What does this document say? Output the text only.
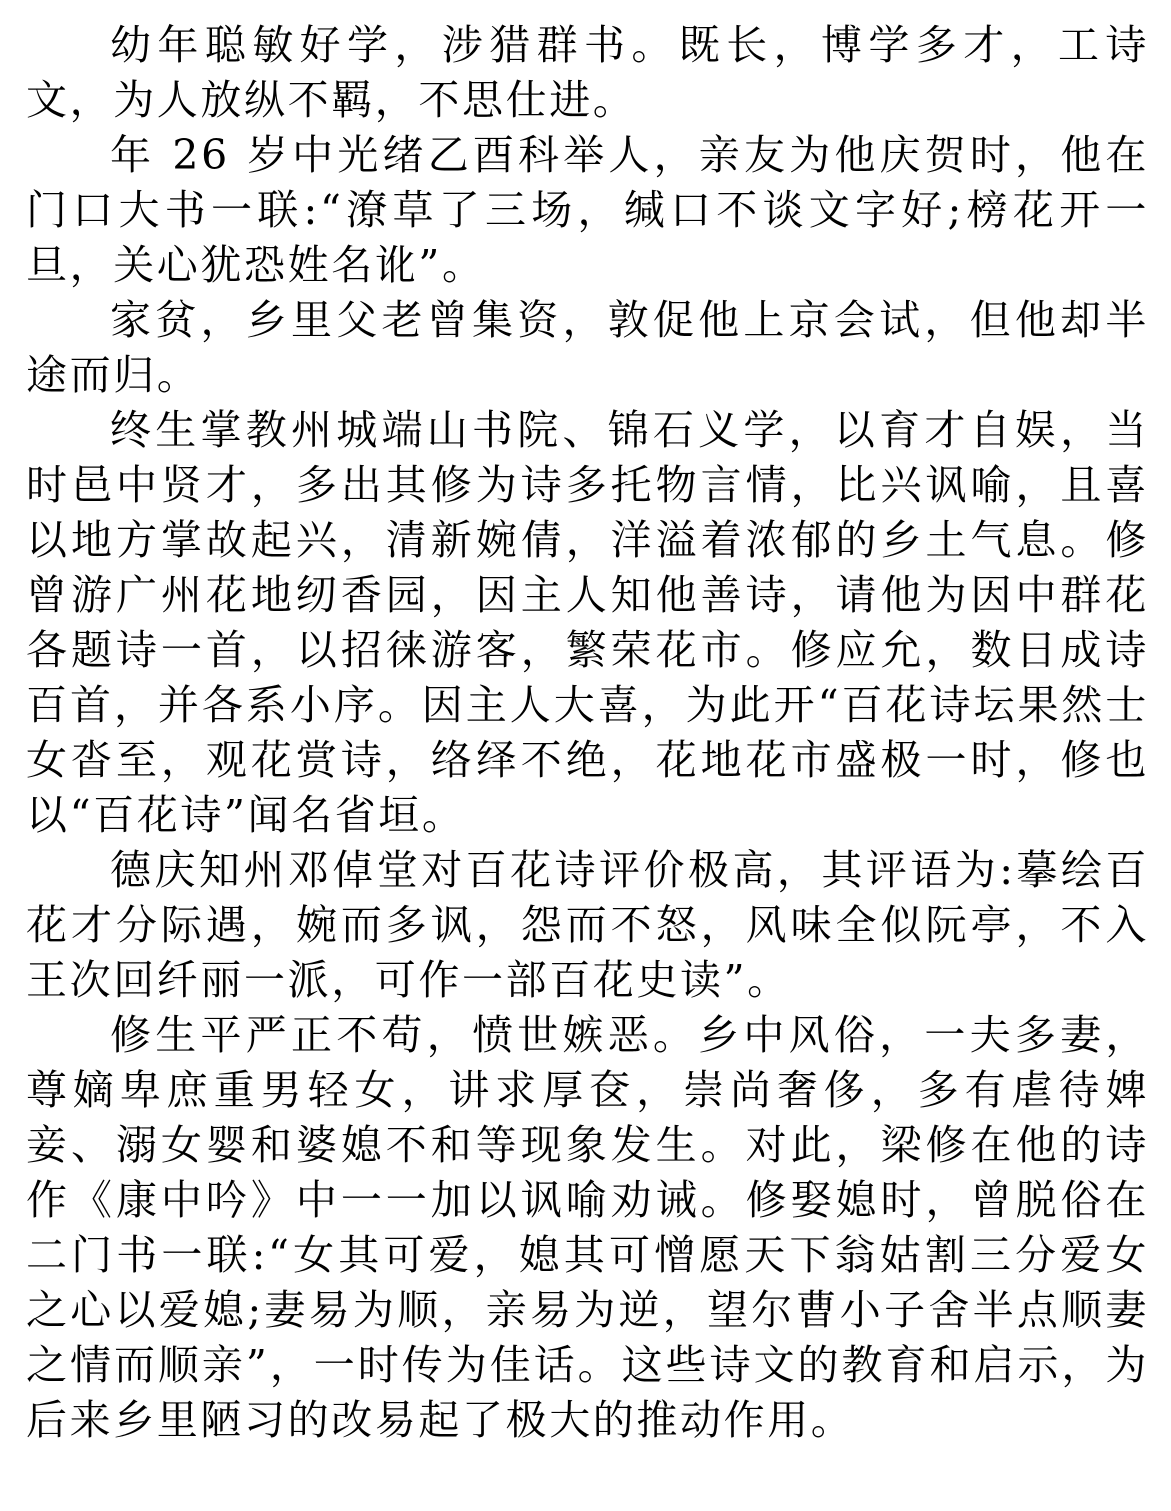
幼年聪敏好学，涉猎群书。既长，博学多才，工诗文，为人放纵不羁，不思仕进。

年 26 岁中光绪乙酉科举人，亲友为他庆贺时，他在门口大书一联:“潦草了三场，缄口不谈文字好;榜花开一旦，关心犹恐姓名讹”。

家贫，乡里父老曾集资，敦促他上京会试，但他却半途而归。

终生掌教州城端山书院、锦石义学，以育才自娱，当时邑中贤才，多出其修为诗多托物言情，比兴讽喻，且喜以地方掌故起兴，清新婉倩，洋溢着浓郁的乡土气息。修曾游广州花地纫香园，因主人知他善诗，请他为因中群花各题诗一首，以招徕游客，繁荣花市。修应允，数日成诗百首，并各系小序。因主人大喜，为此开“百花诗坛果然士女沓至，观花赏诗，络绎不绝，花地花市盛极一时，修也以“百花诗”闻名省垣。

德庆知州邓倬堂对百花诗评价极高，其评语为:摹绘百花才分际遇，婉而多讽，怨而不怒，风味全似阮亭，不入王次回纤丽一派，可作一部百花史读”。

修生平严正不苟，愤世嫉恶。乡中风俗，一夫多妻，尊嫡卑庶重男轻女，讲求厚奁，崇尚奢侈，多有虐待婢妾、溺女婴和婆媳不和等现象发生。对此，梁修在他的诗作《康中吟》中一一加以讽喻劝诫。修娶媳时，曾脱俗在二门书一联:“女其可爱，媳其可憎愿天下翁姑割三分爱女之心以爱媳;妻易为顺，亲易为逆，望尔曹小子舍半点顺妻之情而顺亲”，一时传为佳话。这些诗文的教育和启示，为后来乡里陋习的改易起了极大的推动作用。
